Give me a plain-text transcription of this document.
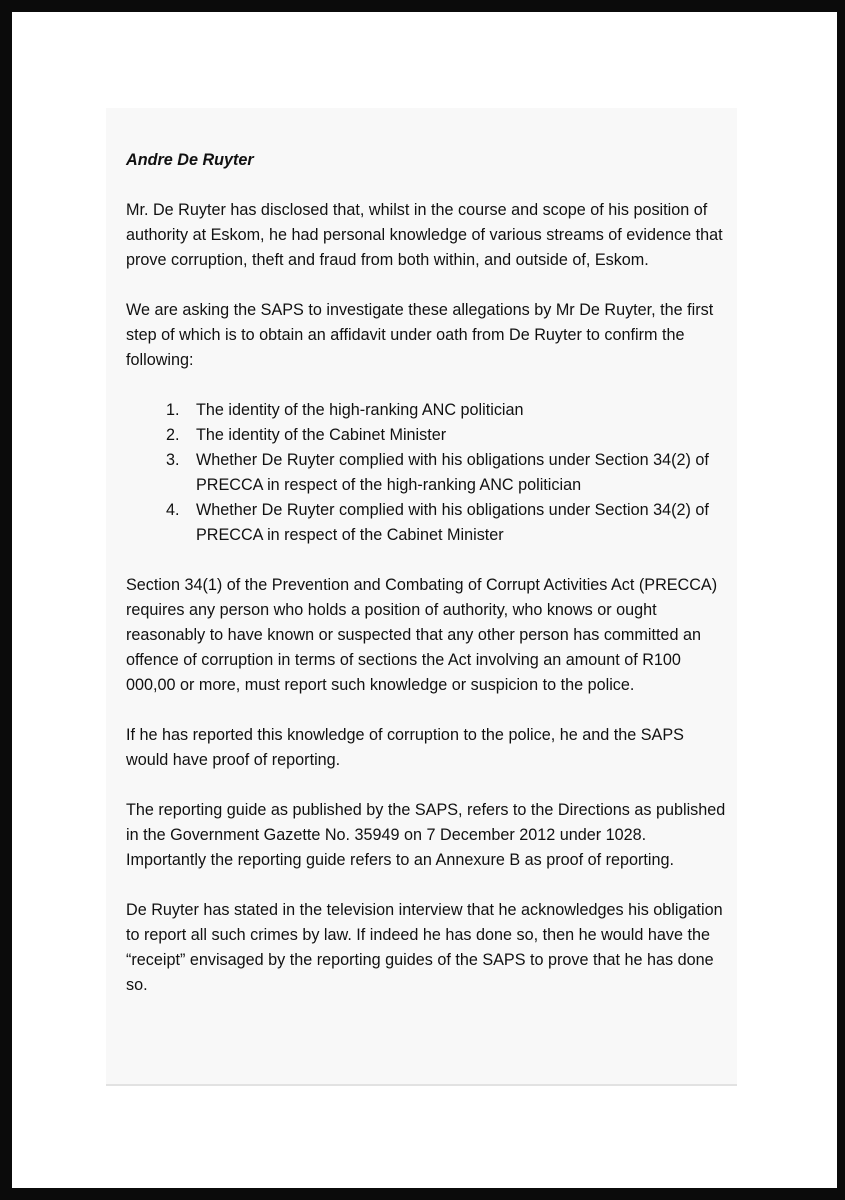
Andre De Ruyter

Mr. De Ruyter has disclosed that, whilst in the course and scope of his position of authority at Eskom, he had personal knowledge of various streams of evidence that prove corruption, theft and fraud from both within, and outside of, Eskom.

We are asking the SAPS to investigate these allegations by Mr De Ruyter, the first step of which is to obtain an affidavit under oath from De Ruyter to confirm the following:

1. The identity of the high-ranking ANC politician
2. The identity of the Cabinet Minister
3. Whether De Ruyter complied with his obligations under Section 34(2) of PRECCA in respect of the high-ranking ANC politician
4. Whether De Ruyter complied with his obligations under Section 34(2) of PRECCA in respect of the Cabinet Minister

Section 34(1) of the Prevention and Combating of Corrupt Activities Act (PRECCA) requires any person who holds a position of authority, who knows or ought reasonably to have known or suspected that any other person has committed an offence of corruption in terms of sections the Act involving an amount of R100 000,00 or more, must report such knowledge or suspicion to the police.

If he has reported this knowledge of corruption to the police, he and the SAPS would have proof of reporting.

The reporting guide as published by the SAPS, refers to the Directions as published in the Government Gazette No. 35949 on 7 December 2012 under 1028. Importantly the reporting guide refers to an Annexure B as proof of reporting.

De Ruyter has stated in the television interview that he acknowledges his obligation to report all such crimes by law. If indeed he has done so, then he would have the “receipt” envisaged by the reporting guides of the SAPS to prove that he has done so.
